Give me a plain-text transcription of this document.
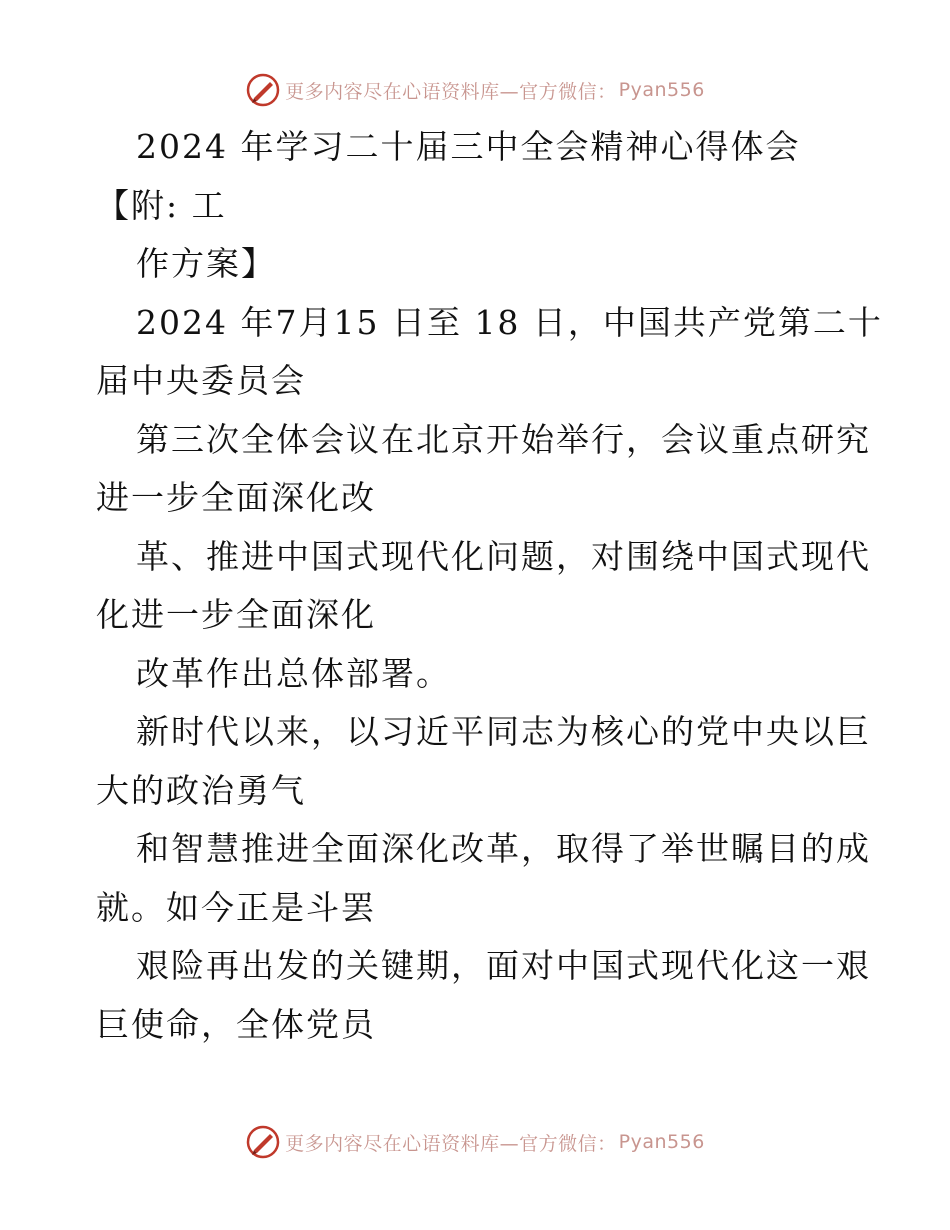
更多内容尽在心语资料库—官方微信： Pyan556
2024 年学习二十届三中全会精神心得体会
【附: 工
作方案】
2024 年7月15 日至 18 日，中国共产党第二十
届中央委员会
第三次全体会议在北京开始举行，会议重点研究
进一步全面深化改
革、推进中国式现代化问题，对围绕中国式现代
化进一步全面深化
改革作出总体部署。
新时代以来，以习近平同志为核心的党中央以巨
大的政治勇气
和智慧推进全面深化改革，取得了举世瞩目的成
就。如今正是斗罢
艰险再出发的关键期，面对中国式现代化这一艰
巨使命，全体党员
更多内容尽在心语资料库—官方微信： Pyan556
